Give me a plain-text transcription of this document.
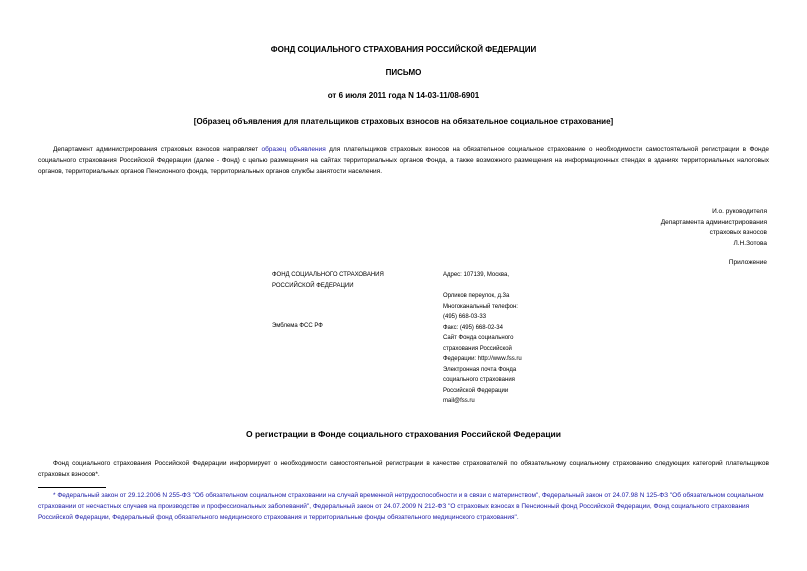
ФОНД СОЦИАЛЬНОГО СТРАХОВАНИЯ РОССИЙСКОЙ ФЕДЕРАЦИИ
ПИСЬМО
от 6 июля 2011 года N 14-03-11/08-6901
[Образец объявления для плательщиков страховых взносов на обязательное социальное страхование]
Департамент администрирования страховых взносов направляет образец объявления для плательщиков страховых взносов на обязательное социальное страхование о необходимости самостоятельной регистрации в Фонде социального страхования Российской Федерации (далее - Фонд) с целью размещения на сайтах территориальных органов Фонда, а также возможного размещения на информационных стендах в зданиях территориальных налоговых органов, территориальных органов Пенсионного фонда, территориальных органов службы занятости населения.
И.о. руководителя
Департамента администрирования
страховых взносов
Л.Н.Зотова
Приложение
ФОНД СОЦИАЛЬНОГО СТРАХОВАНИЯ РОССИЙСКОЙ ФЕДЕРАЦИИ
Эмблема ФСС РФ
Адрес: 107139, Москва,
Орликов переулок, д.3а
Многоканальный телефон:
(495) 668-03-33
Факс: (495) 668-02-34
Сайт Фонда социального
страхования Российской
Федерации: http://www.fss.ru
Электронная почта Фонда
социального страхования
Российской Федерации
mail@fss.ru
О регистрации в Фонде социального страхования Российской Федерации
Фонд социального страхования Российской Федерации информирует о необходимости самостоятельной регистрации в качестве страхователей по обязательному социальному страхованию следующих категорий плательщиков страховых взносов*.
* Федеральный закон от 29.12.2006 N 255-ФЗ "Об обязательном социальном страховании на случай временной нетрудоспособности и в связи с материнством", Федеральный закон от 24.07.98 N 125-ФЗ "Об обязательном социальном страховании от несчастных случаев на производстве и профессиональных заболеваний", Федеральный закон от 24.07.2009 N 212-ФЗ "О страховых взносах в Пенсионный фонд Российской Федерации, Фонд социального страхования Российской Федерации, Федеральный фонд обязательного медицинского страхования и территориальные фонды обязательного медицинского страхования".
